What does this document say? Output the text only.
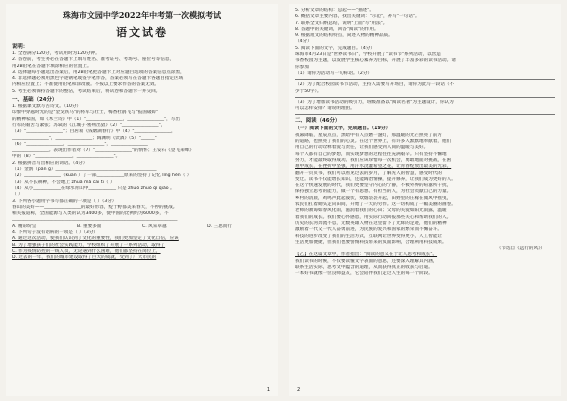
珠海市文园中学2022年中考第一次模拟考试
语文试卷

说明：

1. 全卷满分120分，考试用时为120分钟。

2. 答卷前，考生务必在答题卡上填写姓名、准考证号、考场号、座位号等信息，

用2B铅笔在答题卡填涂相应的位置上。

3. 选择题每小题选出答案后，用2B铅笔把答题卡上对应题目选项的答案信息点涂黑，

4. 非选择题必须用黑色字迹钢笔或签字笔作答，答案必须写在答题卡各题目指定区域

内相应位置上；不准使用铅笔和涂改液。不按以上要求作答的答案无效。

5. 考生必须保持答题卡的整洁，考试结束后，将试卷和答题卡一并交回。

一、基础（24分）

1. 根据课文默写古诗文。（10分）

印象中穿越时光的是"金戈铁马"的将军与壮士，梅香杜鹃飞与"报国破碎"

的精神家国，如《木兰诗》中（1）"________________，________________"，写出

行军的艰苦与紧张；苏轼的《江城子·密州出猎》（2）"________________"，

（3）"________________"；白居易《钱塘湖春行》中（4）"________________，

________________"，________________；陶渊明《饮酒》（5）"______"

（6）"________________，________________"，________________

________________。表现出作者对（7）"________________"的情怀；王安石《登飞来峰》

中的（8）"________________，________________"。

2. 根据拼音写出相应的词语。（4分）

（1）金鹊（pán ɡ）____________________________________________

（2）________________（kuān ）了一部____________原来的坚持了记忆 lǐng hén（ ）

（3）从不长耕种，不会地上 zhuǎ má cāi tī（ ）

（4）从小____________在绿水青山中____________ 只是 zhuó zhuó qì qiáo 。

（ ）

3. 下列各小题用字书写都正确的一项是（ ）（3分）

春山的美好——________________的最好形容，绽于野都美来春天，不停的挑战。

相关报道称，全国能源与人类的认为3400多，使中国的比例约为6000多，不

________________________________________________________________________

A. 精彩纷呈	B. 重要多面	C. 风采卓越	D. 三思而行

4. 下列句子没有语病的一项是（ ）（3分）

A. 通过这次活动，使我们认识到了文化的重要性，我们更加坚定了文化自信，应该

B. 为了增强孩子们的社会实践能力，学校组织了开展了一系列活动，取得了

C. 作为疫情防控的一线人员，无论遇到什么困难，他们都坚持在岗位上，

D. 过去的一年，我们的城市建设取得了巨大的成就，受到了广大市民的

1

5. 分析文章的结构：总起——"描述"。

6. 概括文章主要内容，找出关键词："示范"，补写"一句话"。

7. 联系全文归纳总结，说明"上面"写"用法"。

8. 答题中的关键词，回答"阅读"的作用。

9. 根据短文的结构特点，简述人物的精神品质。

（4分）

5. 阅读下面的文字，完成题目。（4分）

珠海市4月23日是"世界读书日"，学校开展了"读书节"系列活动，以营造

书香校园为主题，以发展学生核心素养为目标，开展了丰富多彩的读书活动。请

你参加

（1）请你为活动写一句标语。（2分）

（2）为了配合校园读书节活动，主持人需要写开场白，请你为此写一段话（不

少于50字）。

（3）为了增加读书活动的吸引力，班级准备以"阅读名著"为主题设计，你认为

可以怎样安排？请说明理由。

二、阅读（46分）

（一）阅读下面的文字，完成题目。（19分）

夜幕降临，星辰点点，黑暗中有人点燃一盏灯，那温暖的光芒照亮了前方

的道路，也照亮了我们的心灵。在这个世界上，有许多人默默地奉献着，他们

用自己的行动诠释着爱与责任，让我们感受到人间的温暖与美好。

每个人都有自己的梦想，而实现梦想的过程往往充满艰辛。只有坚持不懈地

努力，才能最终取得成功。我们应该珍惜每一次机会，勇敢地面对挑战，在困

难中成长，在挫折中坚强，用汗水浇灌希望之花，让青春绽放出最美的光彩。

翻开一页页书，我们可以看见过去的岁月，了解先人的智慧，感受时代的

变迁。读书不仅能增长知识，还能陶冶情操，提升修养，让我们成为更好的人。

在这个快速发展的时代，我们更要坚守内心的宁静，不被外界的喧嚣所干扰，

保持独立思考的能力，做一个有思想、有担当的人，为社会贡献自己的力量。

乡村的清晨，鸡鸣声此起彼伏，炊烟袅袅升起，田野里的庄稼在微风中摇曳，

农民们扛着锄头走向田间，开始了一天的劳作。这一切构成了一幅美丽的画卷。

老师的教诲如春风化雨，滋润着我们的心田；父母的关爱如阳光雨露，温暖

着我们的成长。我们要心怀感恩，用实际行动回报那些关心和帮助我们的人。

历史的长河奔流不息，无数英雄人物在这里留下了光辉的足迹，他们的精神

激励着一代又一代人奋勇前进，为民族的复兴和国家的繁荣而不懈奋斗。

科技的进步改变了我们的生活方式，互联网让世界变得更小，人工智能让

生活更加便捷，但我们也要警惕科技带来的负面影响，合理利用科技成果。

（节选自《远行的风》）

【乙】在这篇文章中，作者指出："阅读的意义在于让人思考和成长"。

我们读书的时候，不仅要读懂文字表面的意思，还要深入理解其内涵，

联系生活实际，思考文中蕴含的道理，从而获得真正的收获与启迪。

一本好书就像一位良师益友，它会陪伴我们走过人生的每一个阶段。

2
